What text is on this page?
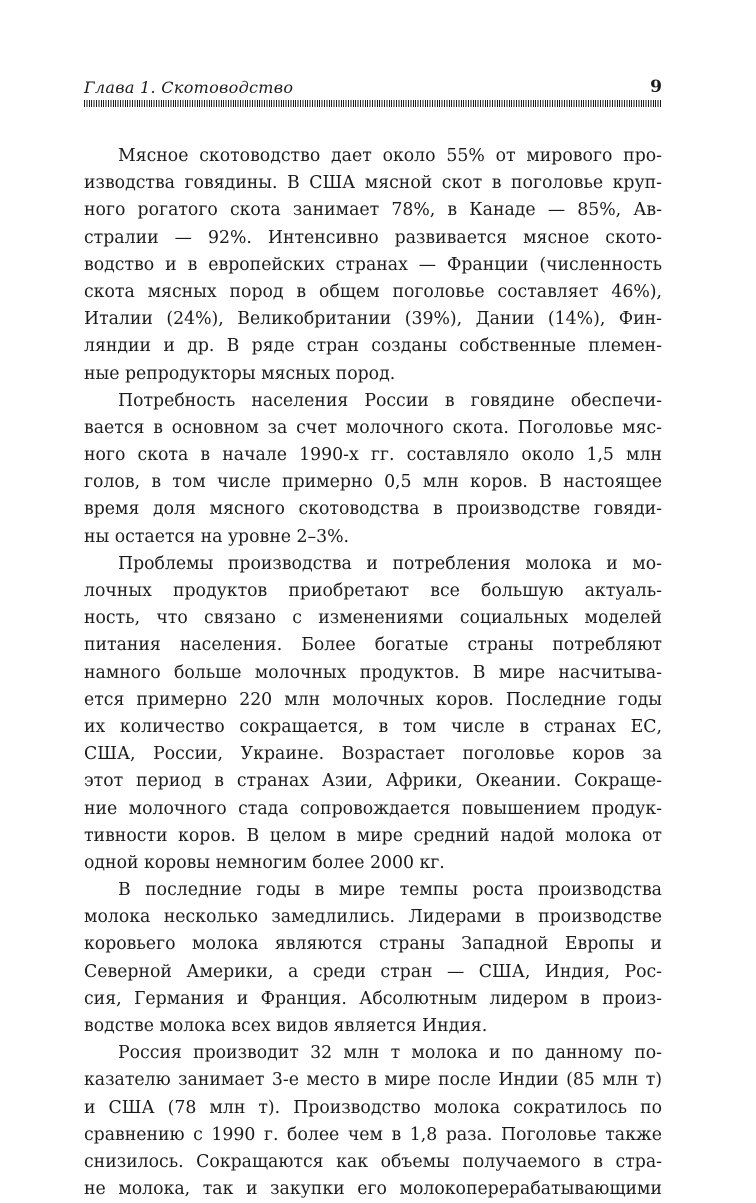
Глава 1. Скотоводство	9

Мясное скотоводство дает около 55% от мирового про-
изводства говядины. В США мясной скот в поголовье круп-
ного рогатого скота занимает 78%, в Канаде — 85%, Ав-
стралии — 92%. Интенсивно развивается мясное ското-
водство и в европейских странах — Франции (численность
скота мясных пород в общем поголовье составляет 46%),
Италии (24%), Великобритании (39%), Дании (14%), Фин-
ляндии и др. В ряде стран созданы собственные племен-
ные репродукторы мясных пород.

Потребность населения России в говядине обеспечи-
вается в основном за счет молочного скота. Поголовье мяс-
ного скота в начале 1990-х гг. составляло около 1,5 млн
голов, в том числе примерно 0,5 млн коров. В настоящее
время доля мясного скотоводства в производстве говяди-
ны остается на уровне 2–3%.

Проблемы производства и потребления молока и мо-
лочных продуктов приобретают все большую актуаль-
ность, что связано с изменениями социальных моделей
питания населения. Более богатые страны потребляют
намного больше молочных продуктов. В мире насчитыва-
ется примерно 220 млн молочных коров. Последние годы
их количество сокращается, в том числе в странах ЕС,
США, России, Украине. Возрастает поголовье коров за
этот период в странах Азии, Африки, Океании. Сокраще-
ние молочного стада сопровождается повышением продук-
тивности коров. В целом в мире средний надой молока от
одной коровы немногим более 2000 кг.

В последние годы в мире темпы роста производства
молока несколько замедлились. Лидерами в производстве
коровьего молока являются страны Западной Европы и
Северной Америки, а среди стран — США, Индия, Рос-
сия, Германия и Франция. Абсолютным лидером в произ-
водстве молока всех видов является Индия.

Россия производит 32 млн т молока и по данному по-
казателю занимает 3-е место в мире после Индии (85 млн т)
и США (78 млн т). Производство молока сократилось по
сравнению с 1990 г. более чем в 1,8 раза. Поголовье также
снизилось. Сокращаются как объемы получаемого в стра-
не молока, так и закупки его молокоперерабатывающими
